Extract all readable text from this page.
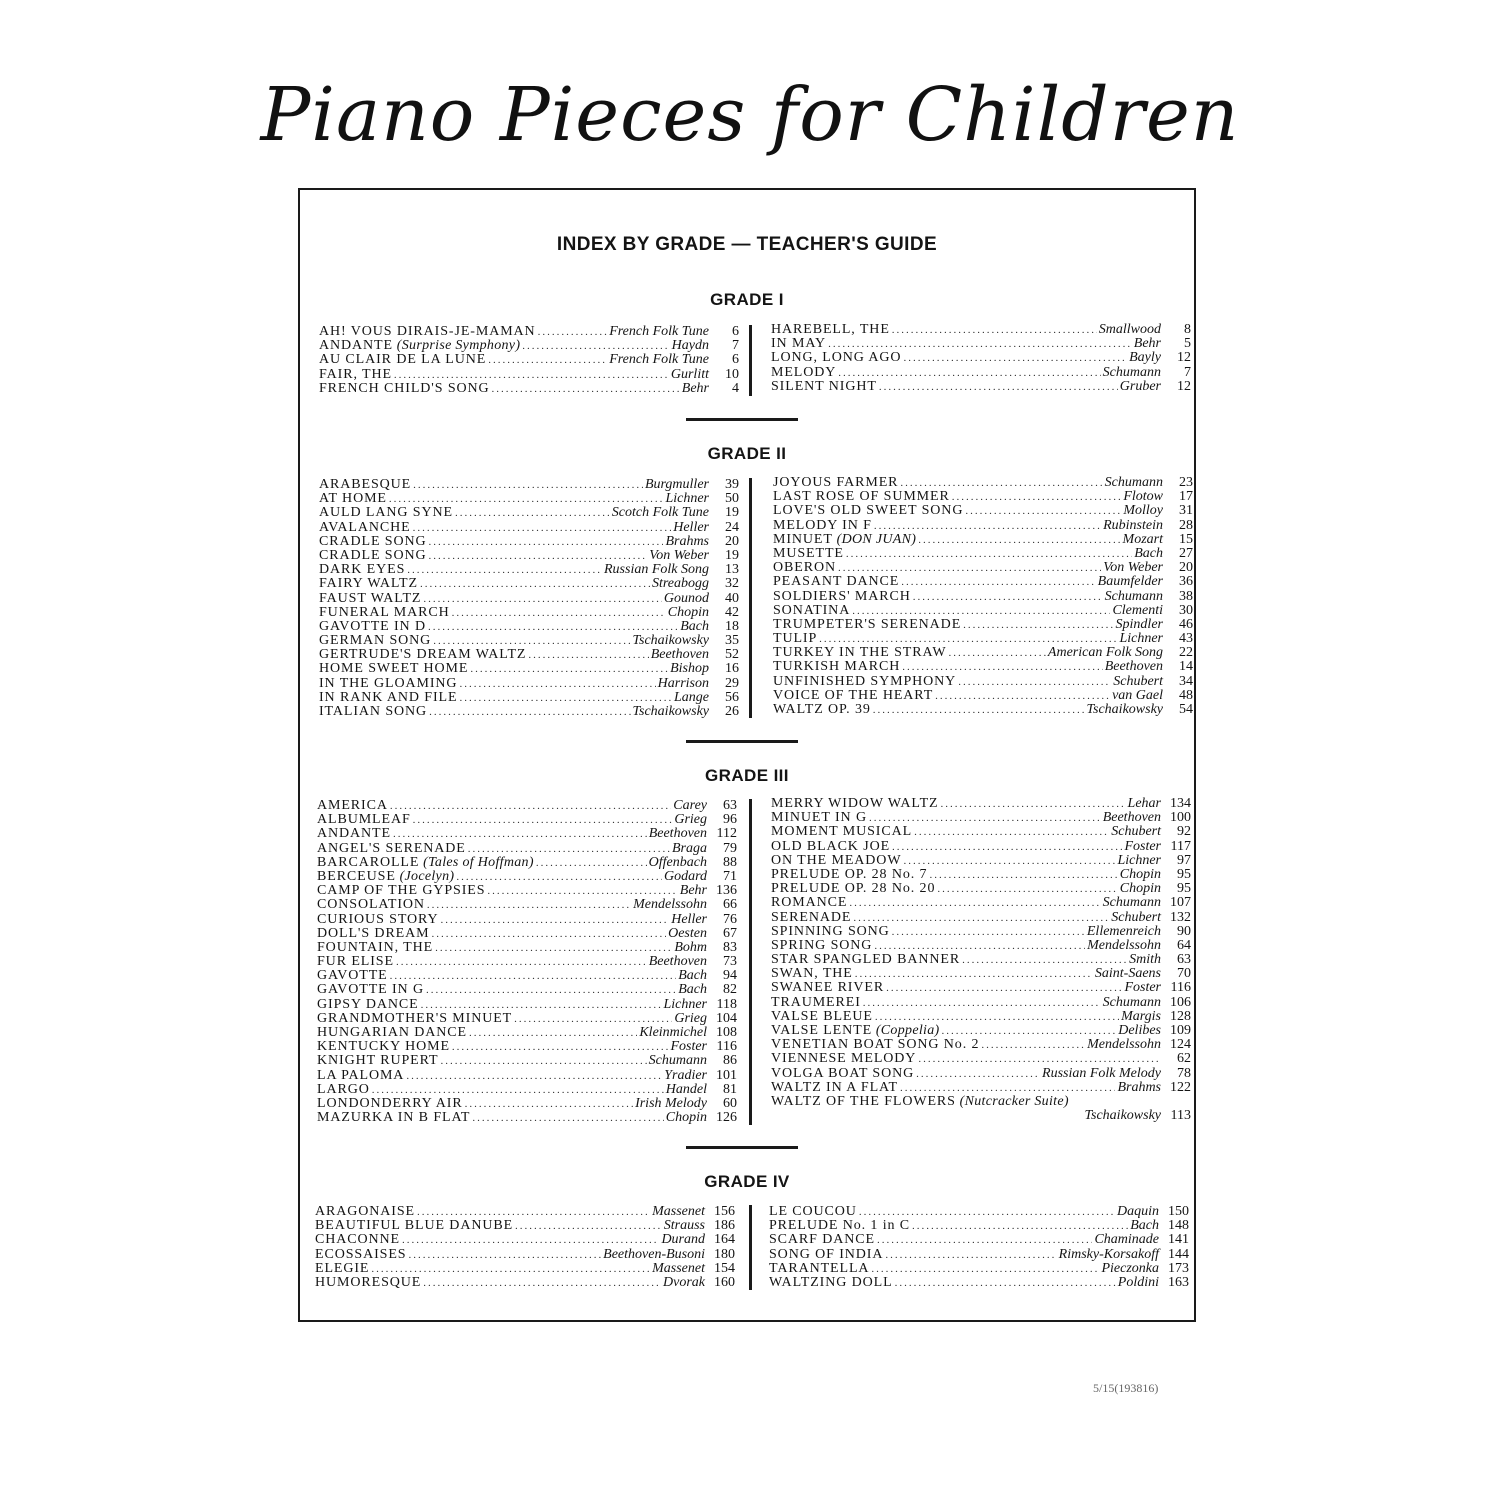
Piano Pieces for Children
INDEX BY GRADE — TEACHER'S GUIDE
GRADE I
AH! VOUS DIRAIS-JE-MAMAN .....	French Folk Tune	6
ANDANTE (Surprise Symphony) .....	Haydn	7
AU CLAIR DE LA LUNE .....	French Folk Tune	6
FAIR, THE .....	Gurlitt	10
FRENCH CHILD'S SONG .....	Behr	4
HAREBELL, THE .....	Smallwood	8
IN MAY .....	Behr	5
LONG, LONG AGO .....	Bayly	12
MELODY .....	Schumann	7
SILENT NIGHT .....	Gruber	12
GRADE II
ARABESQUE .....	Burgmuller	39
AT HOME .....	Lichner	50
AULD LANG SYNE .....	Scotch Folk Tune	19
AVALANCHE .....	Heller	24
CRADLE SONG .....	Brahms	20
CRADLE SONG .....	Von Weber	19
DARK EYES .....	Russian Folk Song	13
FAIRY WALTZ .....	Streabogg	32
FAUST WALTZ .....	Gounod	40
FUNERAL MARCH .....	Chopin	42
GAVOTTE IN D .....	Bach	18
GERMAN SONG .....	Tschaikowsky	35
GERTRUDE'S DREAM WALTZ .....	Beethoven	52
HOME SWEET HOME .....	Bishop	16
IN THE GLOAMING .....	Harrison	29
IN RANK AND FILE .....	Lange	56
ITALIAN SONG .....	Tschaikowsky	26
JOYOUS FARMER .....	Schumann	23
LAST ROSE OF SUMMER .....	Flotow	17
LOVE'S OLD SWEET SONG .....	Molloy	31
MELODY IN F .....	Rubinstein	28
MINUET (DON JUAN) .....	Mozart	15
MUSETTE .....	Bach	27
OBERON .....	Von Weber	20
PEASANT DANCE .....	Baumfelder	36
SOLDIERS' MARCH .....	Schumann	38
SONATINA .....	Clementi	30
TRUMPETER'S SERENADE .....	Spindler	46
TULIP .....	Lichner	43
TURKEY IN THE STRAW .....	American Folk Song	22
TURKISH MARCH .....	Beethoven	14
UNFINISHED SYMPHONY .....	Schubert	34
VOICE OF THE HEART .....	van Gael	48
WALTZ OP. 39 .....	Tschaikowsky	54
GRADE III
AMERICA .....	Carey	63
ALBUMLEAF .....	Grieg	96
ANDANTE .....	Beethoven 112
ANGEL'S SERENADE .....	Braga	79
BARCAROLLE (Tales of Hoffman) .....	Offenbach	88
BERCEUSE (Jocelyn) .....	Godard	71
CAMP OF THE GYPSIES .....	Behr 136
CONSOLATION .....	Mendelssohn	66
CURIOUS STORY .....	Heller	76
DOLL'S DREAM .....	Oesten	67
FOUNTAIN, THE .....	Bohm	83
FUR ELISE .....	Beethoven	73
GAVOTTE .....	Bach	94
GAVOTTE IN G .....	Bach	82
GIPSY DANCE .....	Lichner 118
GRANDMOTHER'S MINUET .....	Grieg 104
HUNGARIAN DANCE .....	Kleinmichel 108
KENTUCKY HOME .....	Foster 116
KNIGHT RUPERT .....	Schumann	86
LA PALOMA .....	Yradier 101
LARGO .....	Handel	81
LONDONDERRY AIR .....	Irish Melody	60
MAZURKA IN B FLAT .....	Chopin 126
MERRY WIDOW WALTZ .....	Lehar 134
MINUET IN G .....	Beethoven 100
MOMENT MUSICAL .....	Schubert	92
OLD BLACK JOE .....	Foster 117
ON THE MEADOW .....	Lichner	97
PRELUDE OP. 28 No. 7 .....	Chopin	95
PRELUDE OP. 28 No. 20 .....	Chopin	95
ROMANCE .....	Schumann 107
SERENADE .....	Schubert 132
SPINNING SONG .....	Ellemenreich	90
SPRING SONG .....	Mendelssohn	64
STAR SPANGLED BANNER .....	Smith	63
SWAN, THE .....	Saint-Saens	70
SWANEE RIVER .....	Foster 116
TRAUMEREI .....	Schumann 106
VALSE BLEUE .....	Margis 128
VALSE LENTE (Coppelia) .....	Delibes 109
VENETIAN BOAT SONG No. 2 .....	Mendelssohn 124
VIENNESE MELODY .....	62
VOLGA BOAT SONG .....	Russian Folk Melody	78
WALTZ IN A FLAT .....	Brahms 122
WALTZ OF THE FLOWERS (Nutcracker Suite)
Tschaikowsky 113
GRADE IV
ARAGONAISE .....	Massenet 156
BEAUTIFUL BLUE DANUBE .....	Strauss 186
CHACONNE .....	Durand 164
ECOSSAISES .....	Beethoven-Busoni 180
ELEGIE .....	Massenet 154
HUMORESQUE .....	Dvorak 160
LE COUCOU .....	Daquin 150
PRELUDE No. 1 in C .....	Bach 148
SCARF DANCE .....	Chaminade 141
SONG OF INDIA .....	Rimsky-Korsakoff 144
TARANTELLA .....	Pieczonka 173
WALTZING DOLL .....	Poldini 163
5/15(193816)
